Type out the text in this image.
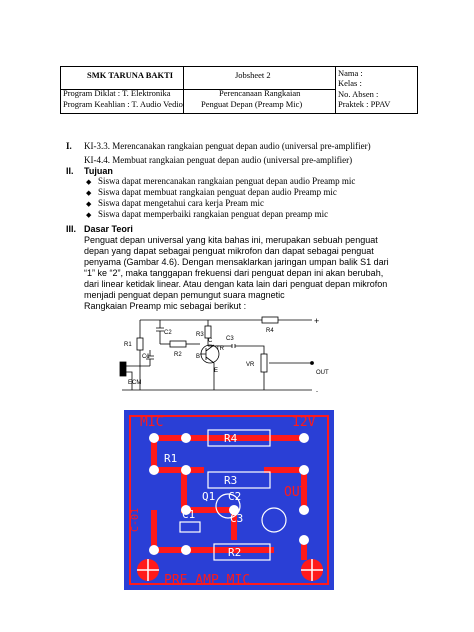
SMK TARUNA BAKTI
Program Diklat : T. Elektronika
Program Keahlian : T. Audio Vedio
Jobsheet 2
Perencanaan Rangkaian
Penguat Depan (Preamp Mic)
Nama :
Kelas :
No. Absen :
Praktek : PPAV
I. KI-3.3. Merencanakan rangkaian penguat depan audio (universal pre-amplifier)
KI-4.4. Membuat rangkaian penguat depan audio (universal pre-amplifier)
II. Tujuan
◆ Siswa dapat merencanakan rangkaian penguat depan audio Preamp mic
◆ Siswa dapat membuat rangkaian penguat depan audio Preamp mic
◆ Siswa dapat mengetahui cara kerja Pream mic
◆ Siswa dapat memperbaiki rangkaian penguat depan preamp mic
III. Dasar Teori
Penguat depan universal yang kita bahas ini, merupakan sebuah penguat
depan yang dapat sebagai penguat mikrofon dan dapat sebagai penguat
penyama (Gambar 4.6). Dengan mensaklarkan jaringan umpan balik S1 dari
“1” ke “2”, maka tanggapan frekuensi dari penguat depan ini akan berubah,
dari linear ketidak linear. Atau dengan kata lain dari penguat depan mikrofon
menjadi penguat depan pemungut suara magnetic
Rangkaian Preamp mic sebagai berikut :
R1
C2
C1	R2
R3
TR
B
C
E
C3
VR
R4
+
OUT
-
ECM
MIC	12V
OUT
PRE AMP MIC
R4
R3
R2
Q1 C2
C3
R1
C1
C-01
